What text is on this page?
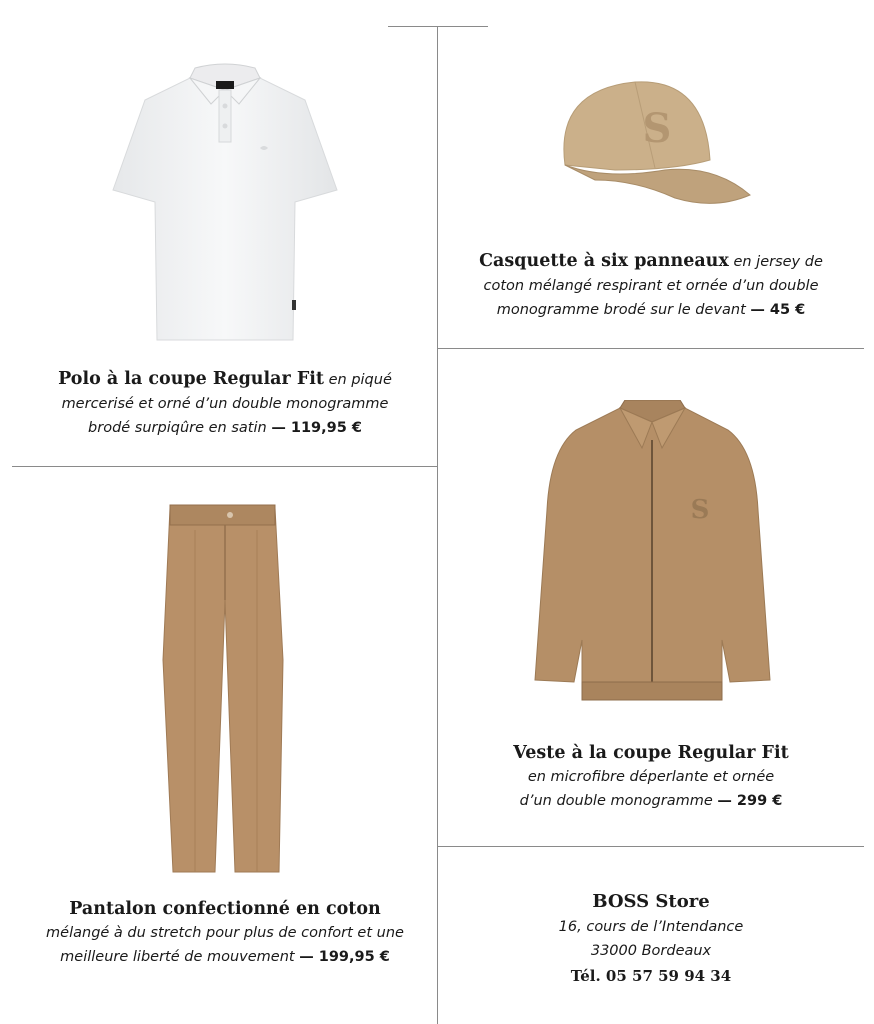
Polo à la coupe Regular Fit en piqué
mercerisé et orné d’un double monogramme
brodé surpiqûre en satin — 119,95 €
S
Casquette à six panneaux en jersey de
coton mélangé respirant et ornée d’un double
monogramme brodé sur le devant — 45 €
S
Veste à la coupe Regular Fit
en microfibre déperlante et ornée
d’un double monogramme — 299 €
Pantalon confectionné en coton
mélangé à du stretch pour plus de confort et une
meilleure liberté de mouvement — 199,95 €
BOSS Store
16, cours de l’Intendance
33000 Bordeaux
Tél. 05 57 59 94 34
